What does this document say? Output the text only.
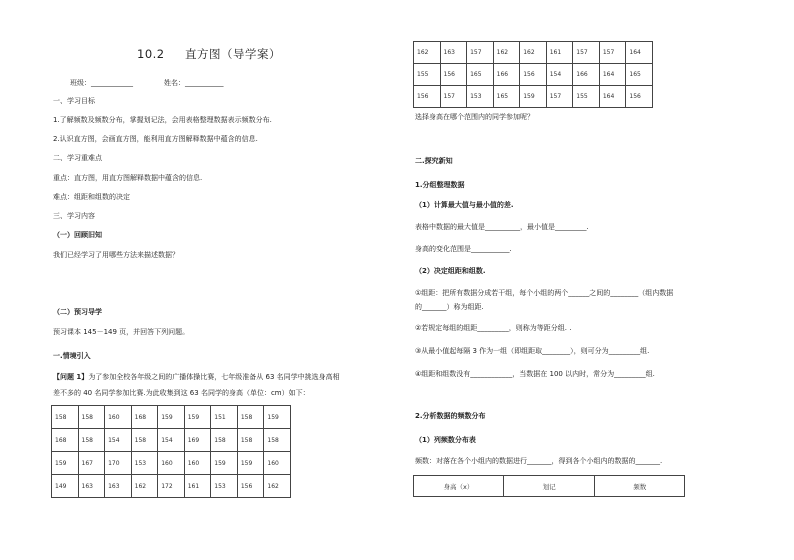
10.2 直方图（导学案）
班级：____________	姓名：___________
一、学习目标
1.了解频数及频数分布，掌握划记法，会用表格整理数据表示频数分布.
2.认识直方图，会画直方图，能利用直方图解释数据中蕴含的信息.
二、学习重难点
重点：直方图，用直方图解释数据中蕴含的信息.
难点：组距和组数的决定
三、学习内容
（一）回顾旧知
我们已经学习了用哪些方法来描述数据？
（二）预习导学
预习课本 145－149 页，并回答下列问题。
一.情境引入
【问题 1】为了参加全校各年级之间的广播体操比赛，七年级准备从 63 名同学中挑选身高相
差不多的 40 名同学参加比赛.为此收集到这 63 名同学的身高（单位：cm）如下：
158	158	160	168	159	159	151	158	159
168	158	154	158	154	169	158	158	158
159	167	170	153	160	160	159	159	160
149	163	163	162	172	161	153	156	162
162	163	157	162	162	161	157	157	164
155	156	165	166	156	154	166	164	165
156	157	153	165	159	157	155	164	156
选择身高在哪个范围内的同学参加呢？
二.探究新知
1.分组整理数据
（1）计算最大值与最小值的差.
表格中数据的最大值是__________，最小值是_________.
身高的变化范围是___________.
（2）决定组距和组数.
①组距：把所有数据分成若干组，每个小组的两个______之间的________（组内数据
的_______）称为组距.
②若规定每组的组距_________，则称为等距分组. .
③从最小值起每隔 3 作为一组（即组距取________），则可分为_________组.
④组距和组数没有____________，当数据在 100 以内时，常分为_________组.
2.分析数据的频数分布
（1）列频数分布表
频数：对落在各个小组内的数据进行_______，得到各个小组内的数据的_______.
身高（x）	划记	频数
